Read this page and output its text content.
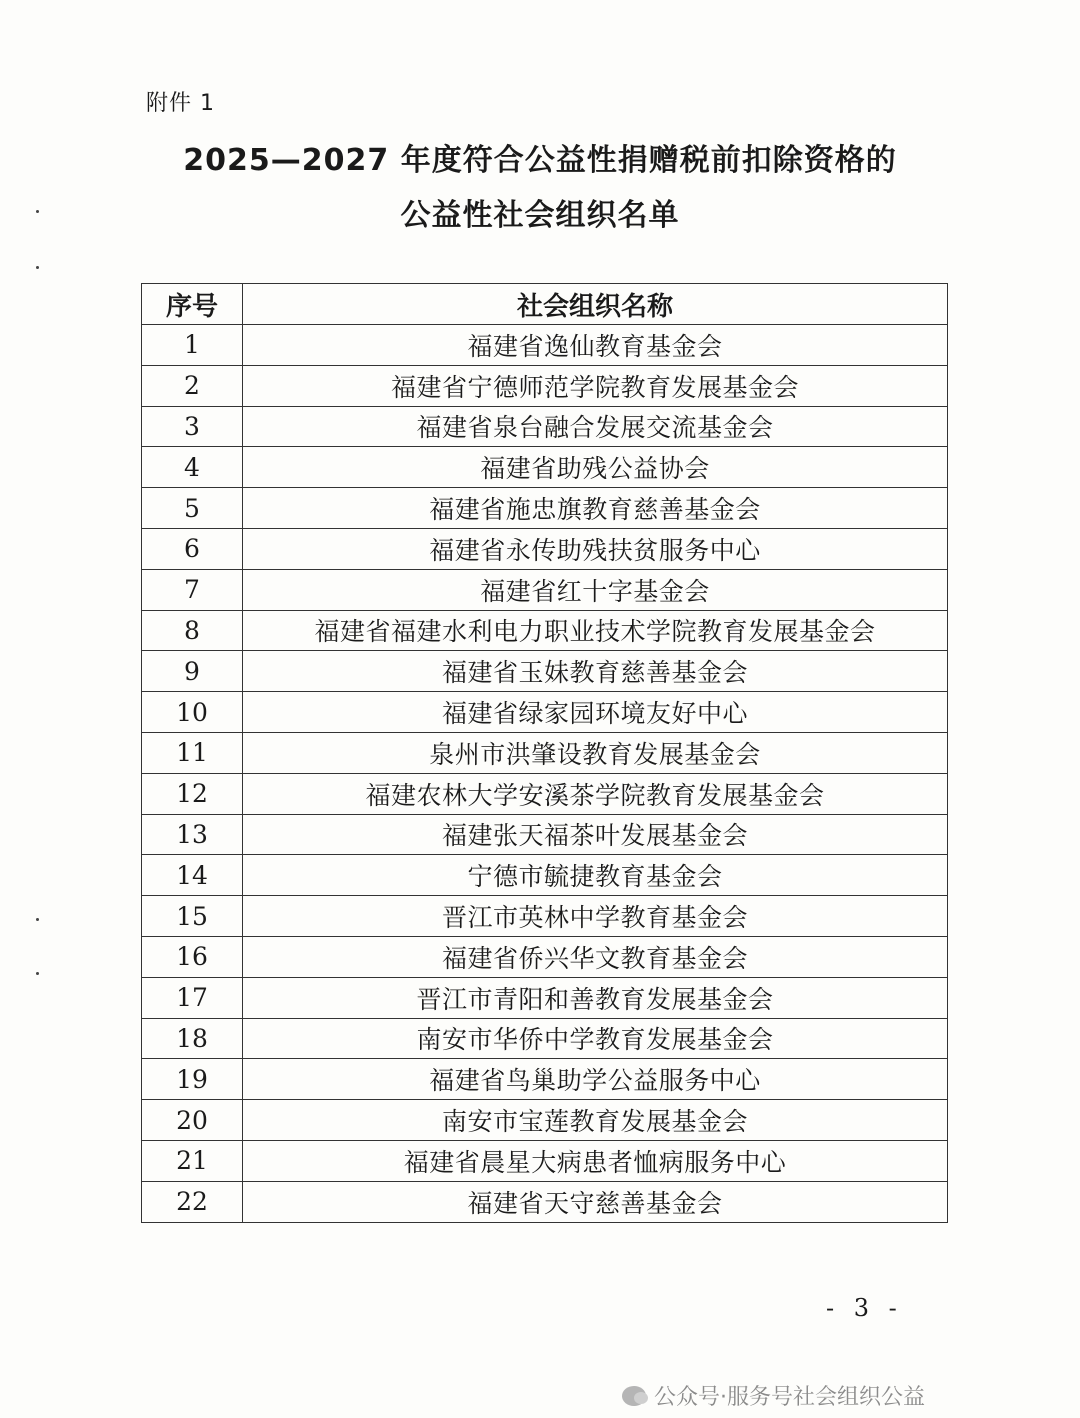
附件 1
2025—2027 年度符合公益性捐赠税前扣除资格的
公益性社会组织名单
序号	社会组织名称
1	福建省逸仙教育基金会
2	福建省宁德师范学院教育发展基金会
3	福建省泉台融合发展交流基金会
4	福建省助残公益协会
5	福建省施忠旗教育慈善基金会
6	福建省永传助残扶贫服务中心
7	福建省红十字基金会
8	福建省福建水利电力职业技术学院教育发展基金会
9	福建省玉妹教育慈善基金会
10	福建省绿家园环境友好中心
11	泉州市洪肇设教育发展基金会
12	福建农林大学安溪茶学院教育发展基金会
13	福建张天福茶叶发展基金会
14	宁德市毓捷教育基金会
15	晋江市英林中学教育基金会
16	福建省侨兴华文教育基金会
17	晋江市青阳和善教育发展基金会
18	南安市华侨中学教育发展基金会
19	福建省鸟巢助学公益服务中心
20	南安市宝莲教育发展基金会
21	福建省晨星大病患者恤病服务中心
22	福建省天守慈善基金会
- 3 -
公众号·服务号社会组织公益
